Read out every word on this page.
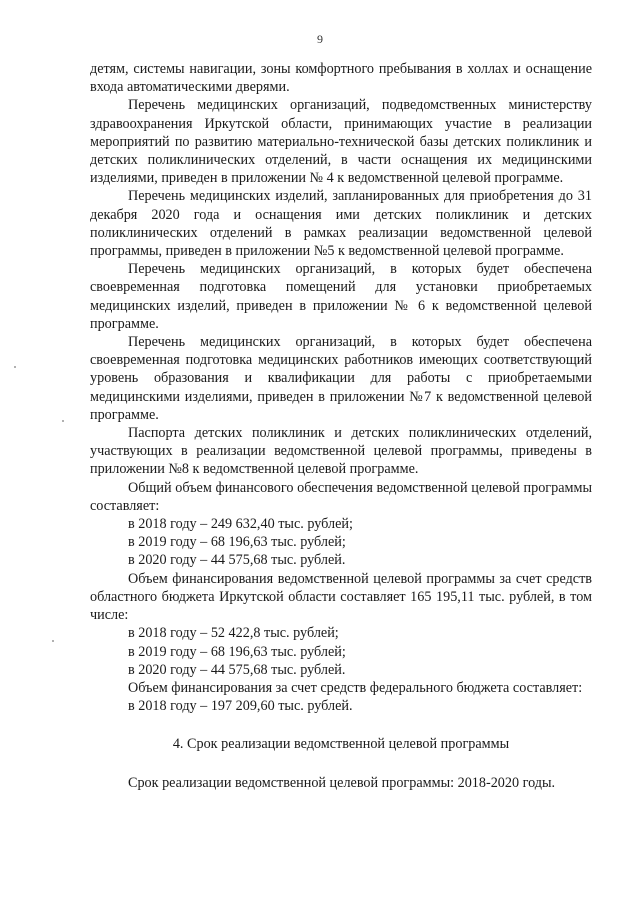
9

детям, системы навигации, зоны комфортного пребывания в холлах и оснащение входа автоматическими дверями.

Перечень медицинских организаций, подведомственных министерству здравоохранения Иркутской области, принимающих участие в реализации мероприятий по развитию материально-технической базы детских поликлиник и детских поликлинических отделений, в части оснащения их медицинскими изделиями, приведен в приложении № 4 к ведомственной целевой программе.

Перечень медицинских изделий, запланированных для приобретения до 31 декабря 2020 года и оснащения ими детских поликлиник и детских поликлинических отделений в рамках реализации ведомственной целевой программы, приведен в приложении №5 к ведомственной целевой программе.

Перечень медицинских организаций, в которых будет обеспечена своевременная подготовка помещений для установки приобретаемых медицинских изделий, приведен в приложении № 6 к ведомственной целевой программе.

Перечень медицинских организаций, в которых будет обеспечена своевременная подготовка медицинских работников имеющих соответствующий уровень образования и квалификации для работы с приобретаемыми медицинскими изделиями, приведен в приложении №7 к ведомственной целевой программе.

Паспорта детских поликлиник и детских поликлинических отделений, участвующих в реализации ведомственной целевой программы, приведены в приложении №8 к ведомственной целевой программе.

Общий объем финансового обеспечения ведомственной целевой программы составляет:

в 2018 году – 249 632,40 тыс. рублей;

в 2019 году – 68 196,63 тыс. рублей;

в 2020 году – 44 575,68 тыс. рублей.

Объем финансирования ведомственной целевой программы за счет средств областного бюджета Иркутской области составляет 165 195,11 тыс. рублей, в том числе:

в 2018 году – 52 422,8 тыс. рублей;

в 2019 году – 68 196,63 тыс. рублей;

в 2020 году – 44 575,68 тыс. рублей.

Объем финансирования за счет средств федерального бюджета составляет:

в 2018 году – 197 209,60 тыс. рублей.

4. Срок реализации ведомственной целевой программы

Срок реализации ведомственной целевой программы: 2018-2020 годы.
